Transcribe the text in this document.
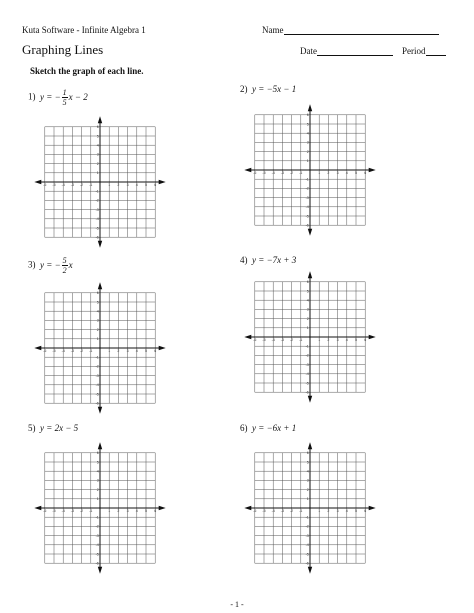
Kuta Software - Infinite Algebra 1	Name
Graphing Lines	Date	Period
Sketch the graph of each line.
1) y = − $\frac{1}{5}$ x − 2
2) y = −5x − 1
3) y = − $\frac{5}{2}$ x	4) y = −7x + 3
5) y = 2x − 5	6) y = −6x + 1
-6 -5 -4 -3 -2 -1	1 2 3 4 5 6
6
5
4
3
2
1
-1
-2
-3
-4
-5
-6
-6 -5 -4 -3 -2 -1	1 2 3 4 5 6
6
5
4
3
2
1
-1
-2
-3
-4
-5
-6
-6 -5 -4 -3 -2 -1	1 2 3 4 5 6
6
5
4
3
2
1
-1
-2
-3
-4
-5
-6
-6 -5 -4 -3 -2 -1	1 2 3 4 5 6
6
5
4
3
2
1
-1
-2
-3
-4
-5
-6
-6 -5 -4 -3 -2 -1	1 2 3 4 5 6
6
5
4
3
2
1
-1
-2
-3
-4
-5
-6
-6 -5 -4 -3 -2 -1	1 2 3 4 5 6
6
5
4
3
2
1
-1
-2
-3
-4
-5
-6
- 1 -
